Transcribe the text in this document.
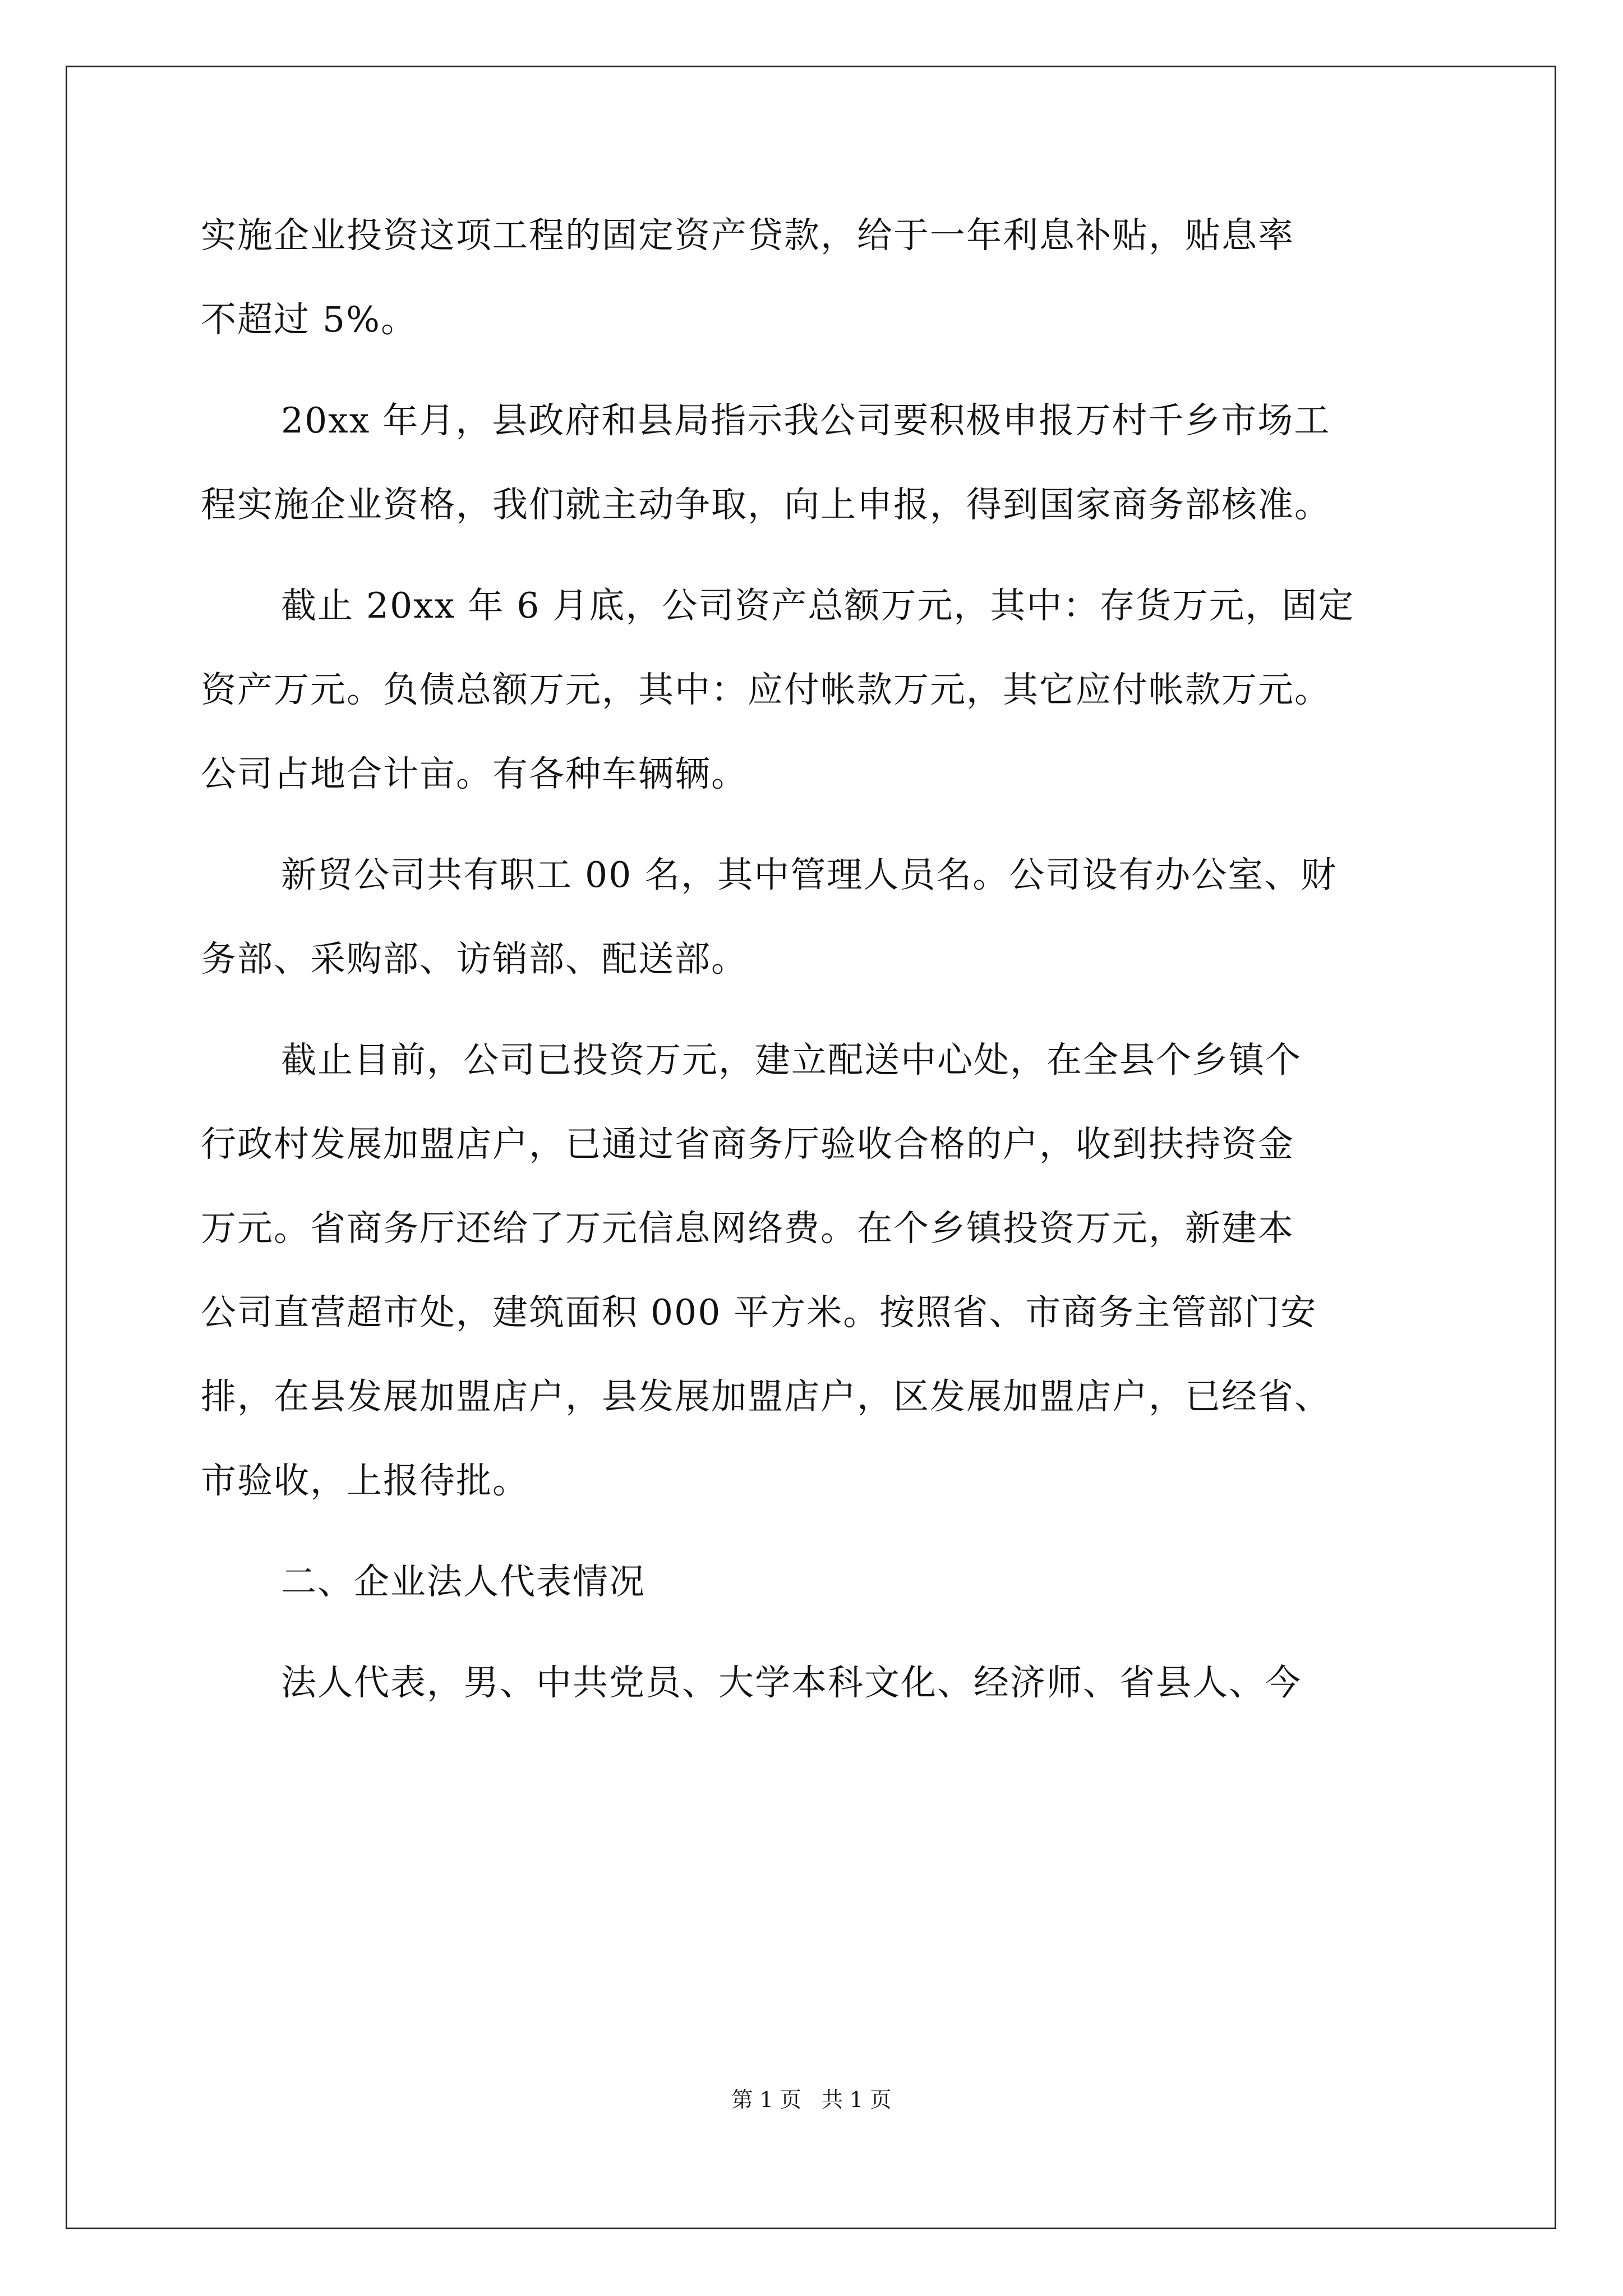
实施企业投资这项工程的固定资产贷款，给于一年利息补贴，贴息率
不超过 5%。
20xx 年月，县政府和县局指示我公司要积极申报万村千乡市场工
程实施企业资格，我们就主动争取，向上申报，得到国家商务部核准。
截止 20xx 年 6 月底，公司资产总额万元，其中：存货万元，固定
资产万元。负债总额万元，其中：应付帐款万元，其它应付帐款万元。
公司占地合计亩。有各种车辆辆。
新贸公司共有职工 00 名，其中管理人员名。公司设有办公室、财
务部、采购部、访销部、配送部。
截止目前，公司已投资万元，建立配送中心处，在全县个乡镇个
行政村发展加盟店户，已通过省商务厅验收合格的户，收到扶持资金
万元。省商务厅还给了万元信息网络费。在个乡镇投资万元，新建本
公司直营超市处，建筑面积 000 平方米。按照省、市商务主管部门安
排，在县发展加盟店户，县发展加盟店户，区发展加盟店户，已经省、
市验收，上报待批。
二、企业法人代表情况
法人代表，男、中共党员、大学本科文化、经济师、省县人、今
第 1 页   共 1 页
